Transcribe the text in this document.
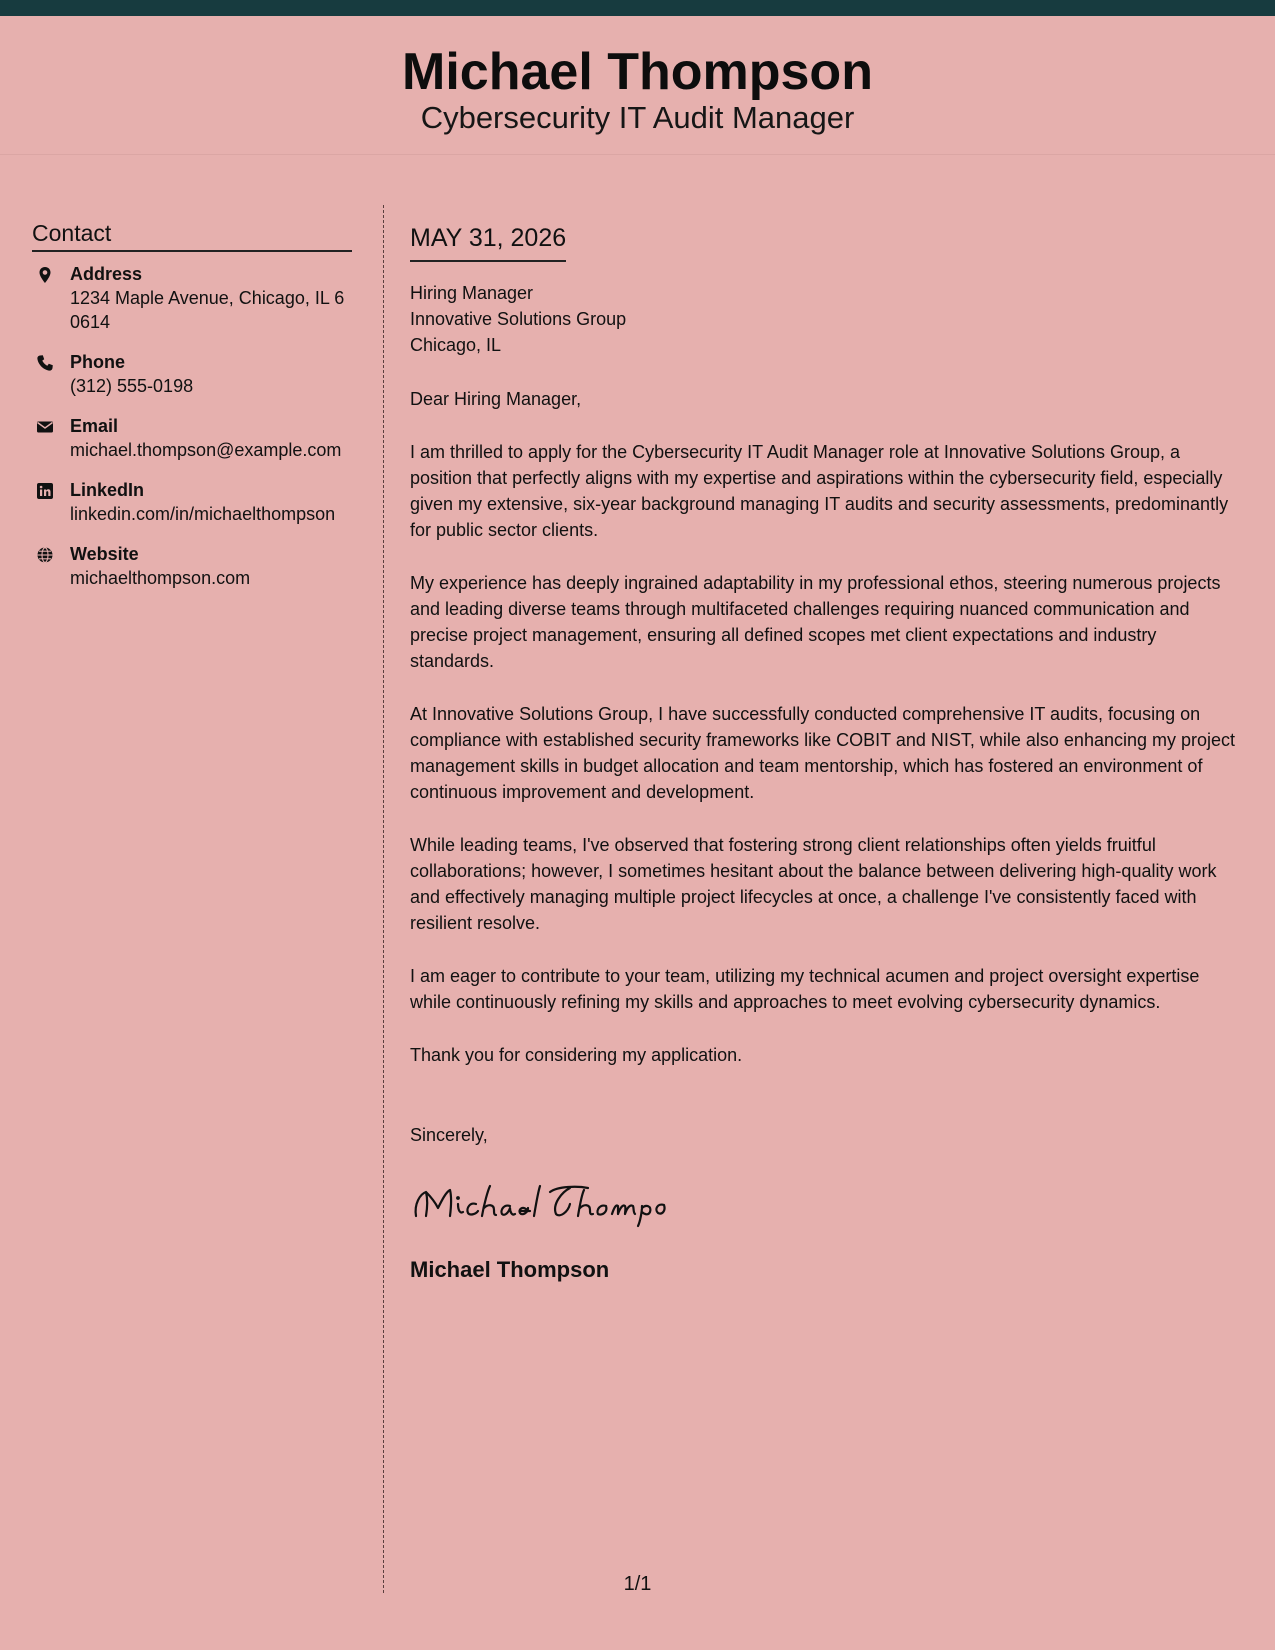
Michael Thompson
Cybersecurity IT Audit Manager
Contact
Address
1234 Maple Avenue, Chicago, IL 60614
Phone
(312) 555-0198
Email
michael.thompson@example.com
LinkedIn
linkedin.com/in/michaelthompson
Website
michaelthompson.com
MAY 31, 2026
Hiring Manager
Innovative Solutions Group
Chicago, IL
Dear Hiring Manager,
I am thrilled to apply for the Cybersecurity IT Audit Manager role at Innovative Solutions Group, a position that perfectly aligns with my expertise and aspirations within the cybersecurity field, especially given my extensive, six-year background managing IT audits and security assessments, predominantly for public sector clients.
My experience has deeply ingrained adaptability in my professional ethos, steering numerous projects and leading diverse teams through multifaceted challenges requiring nuanced communication and precise project management, ensuring all defined scopes met client expectations and industry standards.
At Innovative Solutions Group, I have successfully conducted comprehensive IT audits, focusing on compliance with established security frameworks like COBIT and NIST, while also enhancing my project management skills in budget allocation and team mentorship, which has fostered an environment of continuous improvement and development.
While leading teams, I've observed that fostering strong client relationships often yields fruitful collaborations; however, I sometimes hesitant about the balance between delivering high-quality work and effectively managing multiple project lifecycles at once, a challenge I've consistently faced with resilient resolve.
I am eager to contribute to your team, utilizing my technical acumen and project oversight expertise while continuously refining my skills and approaches to meet evolving cybersecurity dynamics.
Thank you for considering my application.
Sincerely,
Michael Thompson
1/1
